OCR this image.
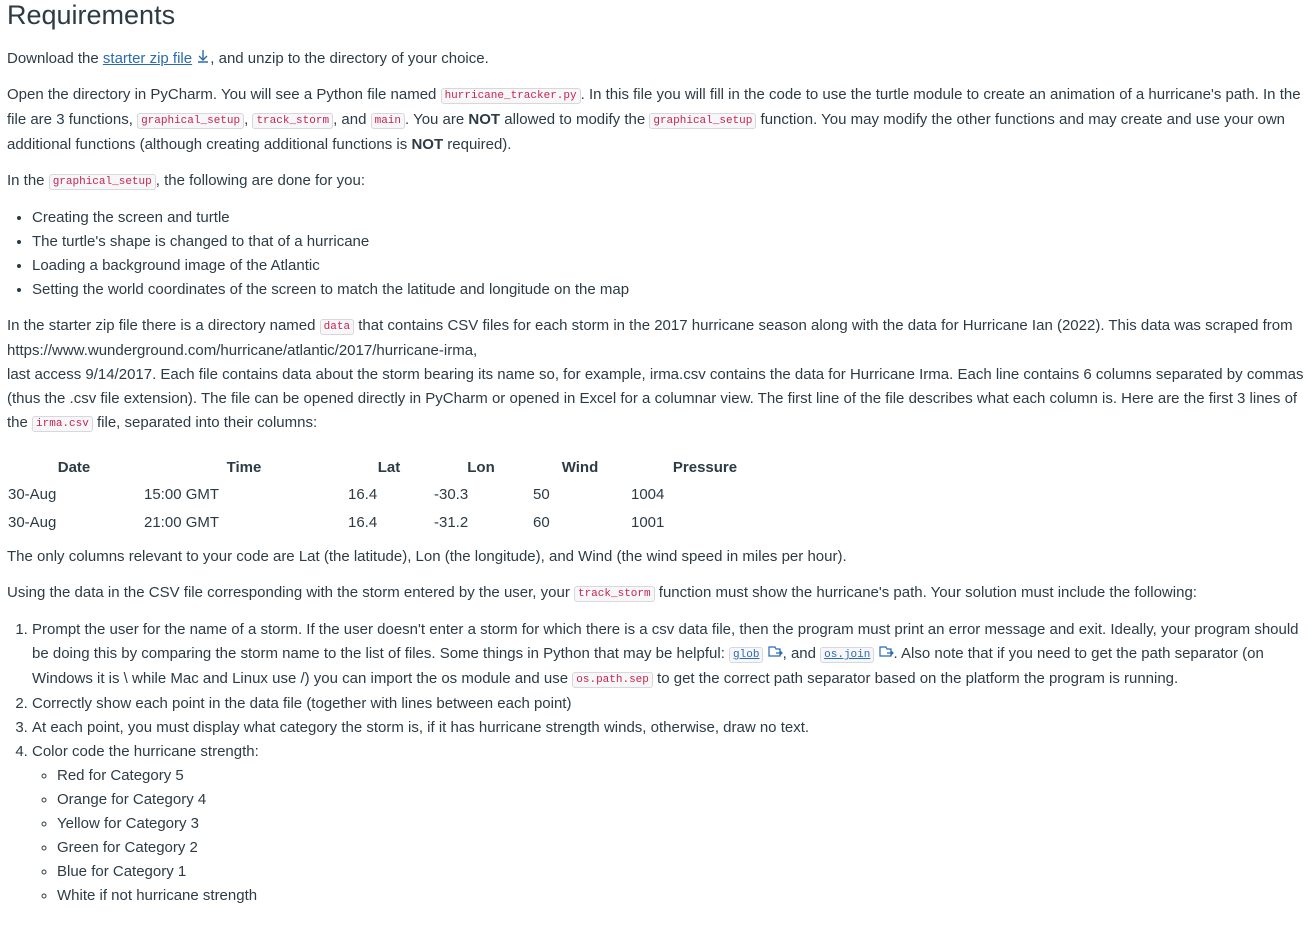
Requirements

Download the starter zip file , and unzip to the directory of your choice.

Open the directory in PyCharm. You will see a Python file named hurricane_tracker.py . In this file you will fill in the code to use the turtle module to create an animation of a hurricane's path. In the file are 3 functions, graphical_setup , track_storm , and main . You are NOT allowed to modify the graphical_setup function. You may modify the other functions and may create and use your own additional functions (although creating additional functions is NOT required).

In the graphical_setup , the following are done for you:

• Creating the screen and turtle
• The turtle's shape is changed to that of a hurricane
• Loading a background image of the Atlantic
• Setting the world coordinates of the screen to match the latitude and longitude on the map

In the starter zip file there is a directory named data that contains CSV files for each storm in the 2017 hurricane season along with the data for Hurricane Ian (2022). This data was scraped from https://www.wunderground.com/hurricane/atlantic/2017/hurricane-irma,
last access 9/14/2017. Each file contains data about the storm bearing its name so, for example, irma.csv contains the data for Hurricane Irma. Each line contains 6 columns separated by commas (thus the .csv file extension). The file can be opened directly in PyCharm or opened in Excel for a columnar view. The first line of the file describes what each column is. Here are the first 3 lines of the irma.csv file, separated into their columns:

Date	Time	Lat	Lon	Wind	Pressure
30-Aug	15:00 GMT	16.4	-30.3	50	1004
30-Aug	21:00 GMT	16.4	-31.2	60	1001

The only columns relevant to your code are Lat (the latitude), Lon (the longitude), and Wind (the wind speed in miles per hour).

Using the data in the CSV file corresponding with the storm entered by the user, your track_storm function must show the hurricane's path. Your solution must include the following:

1. Prompt the user for the name of a storm. If the user doesn't enter a storm for which there is a csv data file, then the program must print an error message and exit. Ideally, your program should be doing this by comparing the storm name to the list of files. Some things in Python that may be helpful: glob , and os.join . Also note that if you need to get the path separator (on Windows it is \ while Mac and Linux use /) you can import the os module and use os.path.sep to get the correct path separator based on the platform the program is running.
2. Correctly show each point in the data file (together with lines between each point)
3. At each point, you must display what category the storm is, if it has hurricane strength winds, otherwise, draw no text.
4. Color code the hurricane strength:
◦ Red for Category 5
◦ Orange for Category 4
◦ Yellow for Category 3
◦ Green for Category 2
◦ Blue for Category 1
◦ White if not hurricane strength
